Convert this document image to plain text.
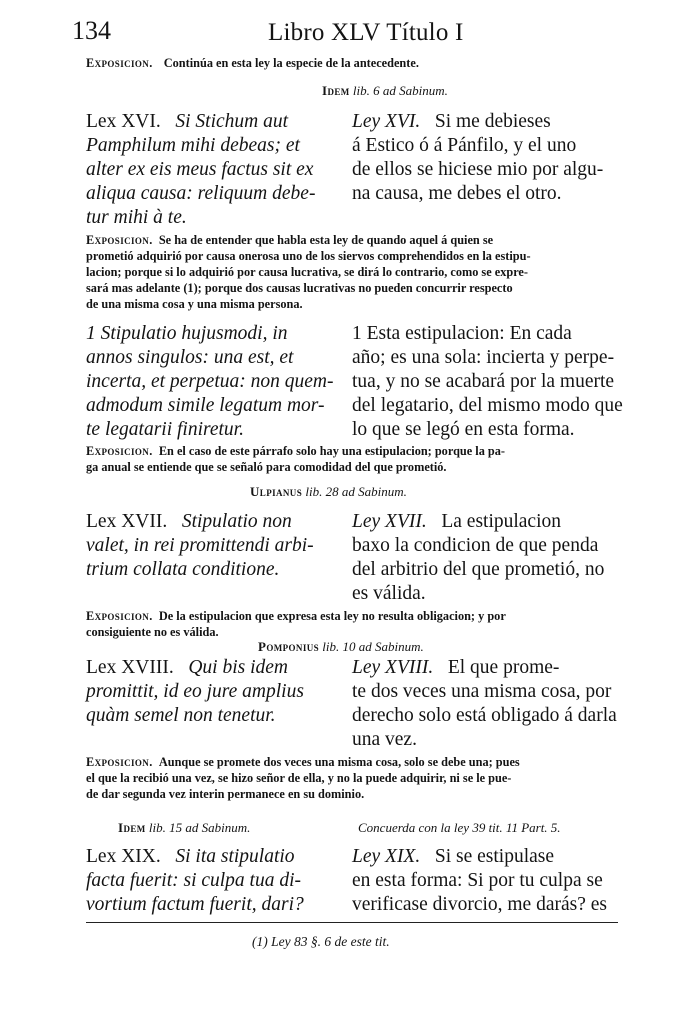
134	Libro XLV Título I
Exposicion. Continúa en esta ley la especie de la antecedente.
Idem lib. 6 ad Sabinum.
Lex XVI. Si Stichum aut
Pamphilum mihi debeas; et
alter ex eis meus factus sit ex
aliqua causa: reliquum debe-
tur mihi à te.
Ley XVI. Si me debieses
á Estico ó á Pánfilo, y el uno
de ellos se hiciese mio por algu-
na causa, me debes el otro.
Exposicion. Se ha de entender que habla esta ley de quando aquel á quien se
prometió adquirió por causa onerosa uno de los siervos comprehendidos en la estipu-
lacion; porque si lo adquirió por causa lucrativa, se dirá lo contrario, como se expre-
sará mas adelante (1); porque dos causas lucrativas no pueden concurrir respecto
de una misma cosa y una misma persona.
1 Stipulatio hujusmodi, in
annos singulos: una est, et
incerta, et perpetua: non quem-
admodum simile legatum mor-
te legatarii finiretur.
1 Esta estipulacion: En cada
año; es una sola: incierta y perpe-
tua, y no se acabará por la muerte
del legatario, del mismo modo que
lo que se legó en esta forma.
Exposicion. En el caso de este párrafo solo hay una estipulacion; porque la pa-
ga anual se entiende que se señaló para comodidad del que prometió.
Ulpianus lib. 28 ad Sabinum.
Lex XVII. Stipulatio non
valet, in rei promittendi arbi-
trium collata conditione.
Ley XVII. La estipulacion
baxo la condicion de que penda
del arbitrio del que prometió, no
es válida.
Exposicion. De la estipulacion que expresa esta ley no resulta obligacion; y por
consiguiente no es válida.
Pomponius lib. 10 ad Sabinum.
Lex XVIII. Qui bis idem
promittit, id eo jure amplius
quàm semel non tenetur.
Ley XVIII. El que prome-
te dos veces una misma cosa, por
derecho solo está obligado á darla
una vez.
Exposicion. Aunque se promete dos veces una misma cosa, solo se debe una; pues
el que la recibió una vez, se hizo señor de ella, y no la puede adquirir, ni se le pue-
de dar segunda vez interin permanece en su dominio.
Idem lib. 15 ad Sabinum.	Concuerda con la ley 39 tit. 11 Part. 5.
Lex XIX. Si ita stipulatio
facta fuerit: si culpa tua di-
vortium factum fuerit, dari?
Ley XIX. Si se estipulase
en esta forma: Si por tu culpa se
verificase divorcio, me darás? es
(1) Ley 83 §. 6 de este tit.
